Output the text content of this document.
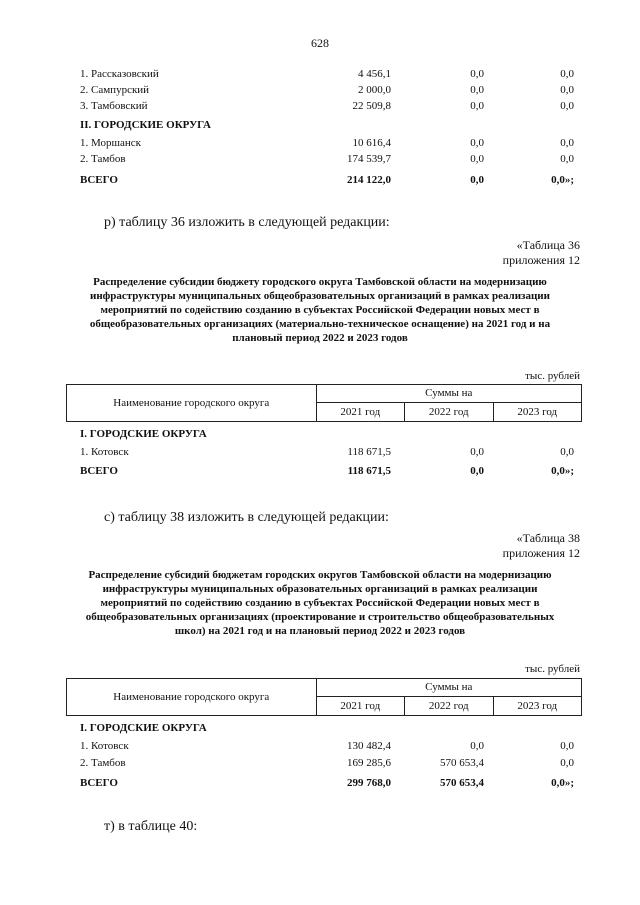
628
1. Рассказовский	4 456,1	0,0	0,0
2. Сампурский	2 000,0	0,0	0,0
3. Тамбовский	22 509,8	0,0	0,0
II. ГОРОДСКИЕ ОКРУГА
1. Моршанск	10 616,4	0,0	0,0
2. Тамбов	174 539,7	0,0	0,0
ВСЕГО	214 122,0	0,0	0,0»;
р) таблицу 36 изложить в следующей редакции:
«Таблица 36
приложения 12
Распределение субсидии бюджету городского округа Тамбовской области на модернизацию инфраструктуры муниципальных общеобразовательных организаций в рамках реализации мероприятий по содействию созданию в субъектах Российской Федерации новых мест в общеобразовательных организациях (материально-техническое оснащение) на 2021 год и на плановый период 2022 и 2023 годов
тыс. рублей
Наименование городского округа	Суммы на		
	2021 год	2022 год	2023 год
I. ГОРОДСКИЕ ОКРУГА
1. Котовск	118 671,5	0,0	0,0
ВСЕГО	118 671,5	0,0	0,0»;
с) таблицу 38 изложить в следующей редакции:
«Таблица 38
приложения 12
Распределение субсидий бюджетам городских округов Тамбовской области на модернизацию инфраструктуры муниципальных образовательных организаций в рамках реализации мероприятий по содействию созданию в субъектах Российской Федерации новых мест в общеобразовательных организациях (проектирование и строительство общеобразовательных школ) на 2021 год и на плановый период 2022 и 2023 годов
тыс. рублей
Наименование городского округа	Суммы на		
	2021 год	2022 год	2023 год
I. ГОРОДСКИЕ ОКРУГА
1. Котовск	130 482,4	0,0	0,0
2. Тамбов	169 285,6	570 653,4	0,0
ВСЕГО	299 768,0	570 653,4	0,0»;
т) в таблице 40:
